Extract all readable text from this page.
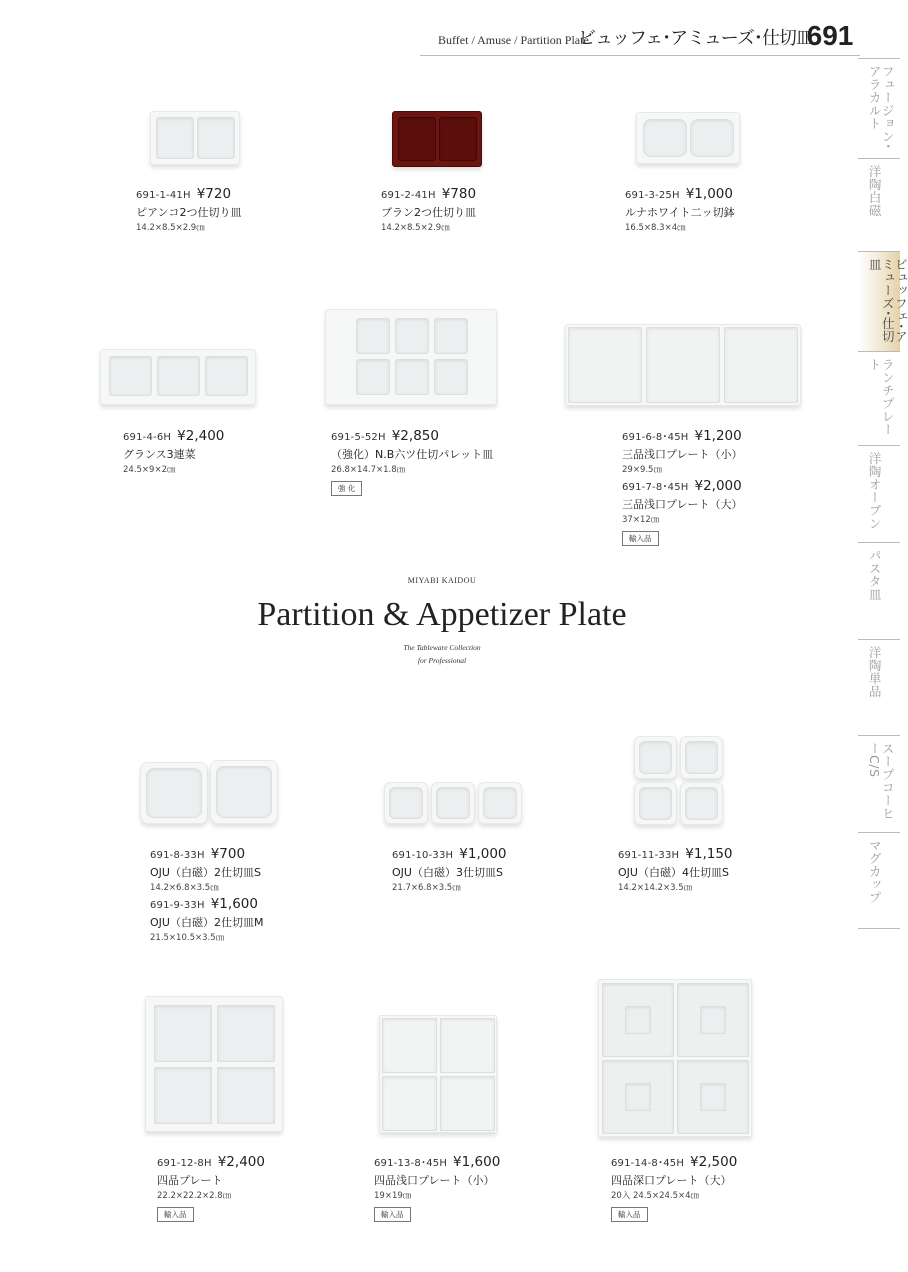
Buffet / Amuse / Partition Plate
ビュッフェ･アミューズ･仕切皿
691
フュージョン･アラカルト
洋陶白磁
ビュッフェ･アミューズ･仕切皿
ランチプレート
洋陶オーブン
パスタ皿
洋陶単品
スープコーヒーC/S
マグカップ
691-1-41H ¥720
ピアンコ2つ仕切り皿
14.2×8.5×2.9㎝
691-2-41H ¥780
ブラン2つ仕切り皿
14.2×8.5×2.9㎝
691-3-25H ¥1,000
ルナホワイト二ッ切鉢
16.5×8.3×4㎝
691-4-6H ¥2,400
グランス3連菜
24.5×9×2㎝
691-5-52H ¥2,850
（強化）N.B六ツ仕切パレット皿
26.8×14.7×1.8㎝
強 化
691-6-8･45H ¥1,200
三品浅口プレート（小）
29×9.5㎝
691-7-8･45H ¥2,000
三品浅口プレート（大）
37×12㎝
輸入品
MIYABI KAIDOU
Partition & Appetizer Plate
The Tableware Collection
for Professional
691-8-33H ¥700
OJU（白磁）2仕切皿S
14.2×6.8×3.5㎝
691-9-33H ¥1,600
OJU（白磁）2仕切皿M
21.5×10.5×3.5㎝
691-10-33H ¥1,000
OJU（白磁）3仕切皿S
21.7×6.8×3.5㎝
691-11-33H ¥1,150
OJU（白磁）4仕切皿S
14.2×14.2×3.5㎝
691-12-8H ¥2,400
四品プレート
22.2×22.2×2.8㎝
輸入品
691-13-8･45H ¥1,600
四品浅口プレート（小）
19×19㎝
輸入品
691-14-8･45H ¥2,500
四品深口プレート（大）
20入 24.5×24.5×4㎝
輸入品
